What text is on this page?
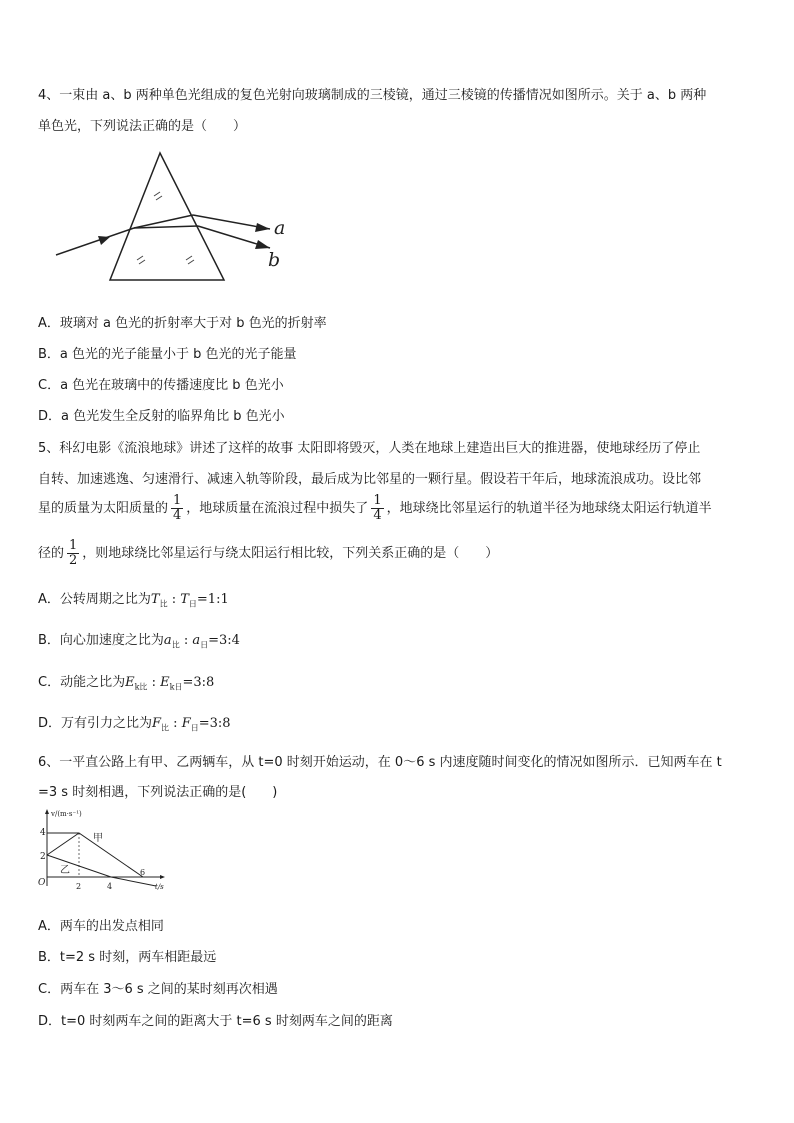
4、一束由 a、b 两种单色光组成的复色光射向玻璃制成的三棱镜，通过三棱镜的传播情况如图所示。关于 a、b 两种
单色光，下列说法正确的是（　　）
a
b
A．玻璃对 a 色光的折射率大于对 b 色光的折射率
B．a 色光的光子能量小于 b 色光的光子能量
C．a 色光在玻璃中的传播速度比 b 色光小
D．a 色光发生全反射的临界角比 b 色光小
5、科幻电影《流浪地球》讲述了这样的故事 太阳即将毁灭，人类在地球上建造出巨大的推进器，使地球经历了停止
自转、加速逃逸、匀速滑行、减速入轨等阶段，最后成为比邻星的一颗行星。假设若干年后，地球流浪成功。设比邻
星的质量为太阳质量的 $\frac{1}{4}$ ，地球质量在流浪过程中损失了 $\frac{1}{4}$ ，地球绕比邻星运行的轨道半径为地球绕太阳运行轨道半
径的 $\frac{1}{2}$ ，则地球绕比邻星运行与绕太阳运行相比较，下列关系正确的是（　　）
A．公转周期之比为$T_比$ : $T_日=1:1$
B．向心加速度之比为$a_比$ : $a_日=3:4$
C．动能之比为$E_{k比}$ : $E_{k日}=3:8$
D．万有引力之比为$F_比$ : $F_日=3:8$
6、一平直公路上有甲、乙两辆车，从 t=0 时刻开始运动，在 0～6 s 内速度随时间变化的情况如图所示．已知两车在 t
=3 s 时刻相遇，下列说法正确的是(　　)
v/(m·s⁻¹)
t/s
O
4
2
2	4
6
甲
乙
A．两车的出发点相同
B．t=2 s 时刻，两车相距最远
C．两车在 3～6 s 之间的某时刻再次相遇
D．t=0 时刻两车之间的距离大于 t=6 s 时刻两车之间的距离
